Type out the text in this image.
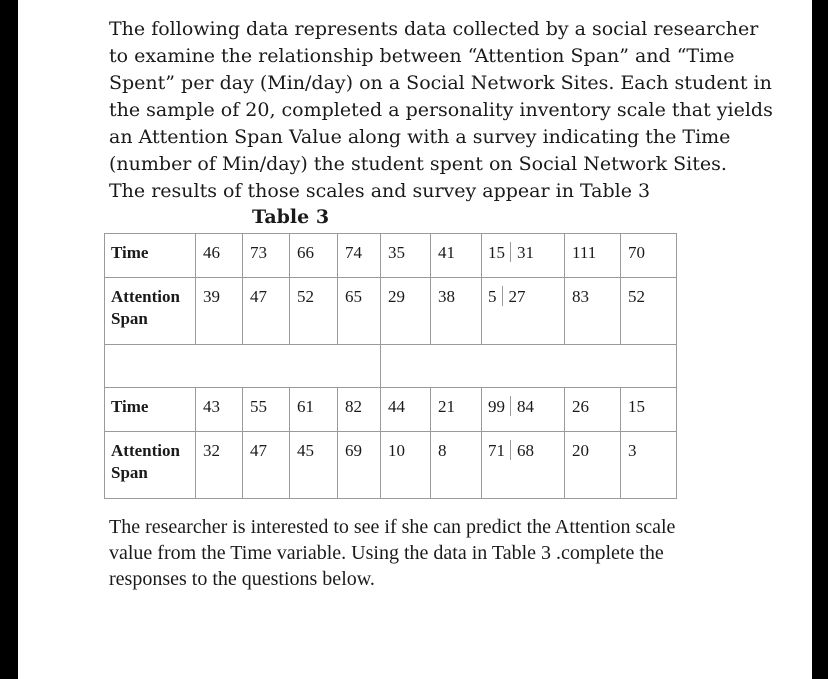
The following data represents data collected by a social researcher
to examine the relationship between “Attention Span” and “Time
Spent” per day (Min/day) on a Social Network Sites. Each student in
the sample of 20, completed a personality inventory scale that yields
an Attention Span Value along with a survey indicating the Time
(number of Min/day) the student spent on Social Network Sites.
The results of those scales and survey appear in Table 3

Table 3
Time	46	73	66	74	35	41	15 31	111	70

Attention Span	39	47	52	65	29	38	5 27	83	52

Time	43	55	61	82	44	21	99 84	26	15

Attention Span	32	47	45	69	10	8	71 68	20	3

The researcher is interested to see if she can predict the Attention scale
value from the Time variable. Using the data in Table 3 .complete the
responses to the questions below.
